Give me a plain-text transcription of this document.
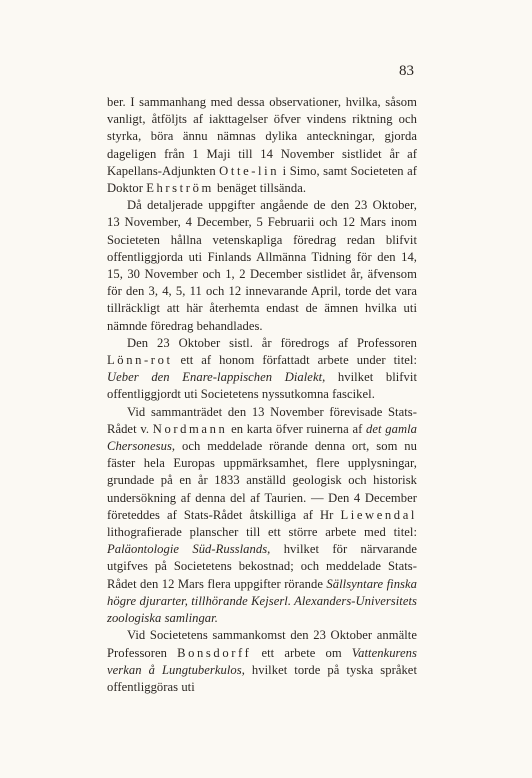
83

ber. I sammanhang med dessa observationer, hvilka, såsom vanligt, åtföljts af iakttagelser öfver vindens riktning och styrka, böra ännu nämnas dylika anteckningar, gjorda dageligen från 1 Maji till 14 November sistlidet år af Kapellans-Adjunkten Otte-lin i Simo, samt Societeten af Doktor Ehrström benäget tillsända.

Då detaljerade uppgifter angående de den 23 Oktober, 13 November, 4 December, 5 Februarii och 12 Mars inom Societeten hållna vetenskapliga föredrag redan blifvit offentliggjorda uti Finlands Allmänna Tidning för den 14, 15, 30 November och 1, 2 December sistlidet år, äfvensom för den 3, 4, 5, 11 och 12 innevarande April, torde det vara tillräckligt att här återhemta endast de ämnen hvilka uti nämnde föredrag behandlades.

Den 23 Oktober sistl. år föredrogs af Professoren Lönn-rot ett af honom författadt arbete under titel: Ueber den Enare-lappischen Dialekt, hvilket blifvit offentliggjordt uti Societetens nyssutkomna fascikel.

Vid sammanträdet den 13 November förevisade Stats-Rådet v. Nordmann en karta öfver ruinerna af det gamla Chersonesus, och meddelade rörande denna ort, som nu fäster hela Europas uppmärksamhet, flere upplysningar, grundade på en år 1833 anställd geologisk och historisk undersökning af denna del af Taurien. — Den 4 December företeddes af Stats-Rådet åtskilliga af Hr Liewendal lithografierade planscher till ett större arbete med titel: Paläontologie Süd-Russlands, hvilket för närvarande utgifves på Societetens bekostnad; och meddelade Stats-Rådet den 12 Mars flera uppgifter rörande Sällsyntare finska högre djurarter, tillhörande Kejserl. Alexanders-Universitets zoologiska samlingar.

Vid Societetens sammankomst den 23 Oktober anmälte Professoren Bonsdorff ett arbete om Vattenkurens verkan å Lungtuberkulos, hvilket torde på tyska språket offentliggöras uti
